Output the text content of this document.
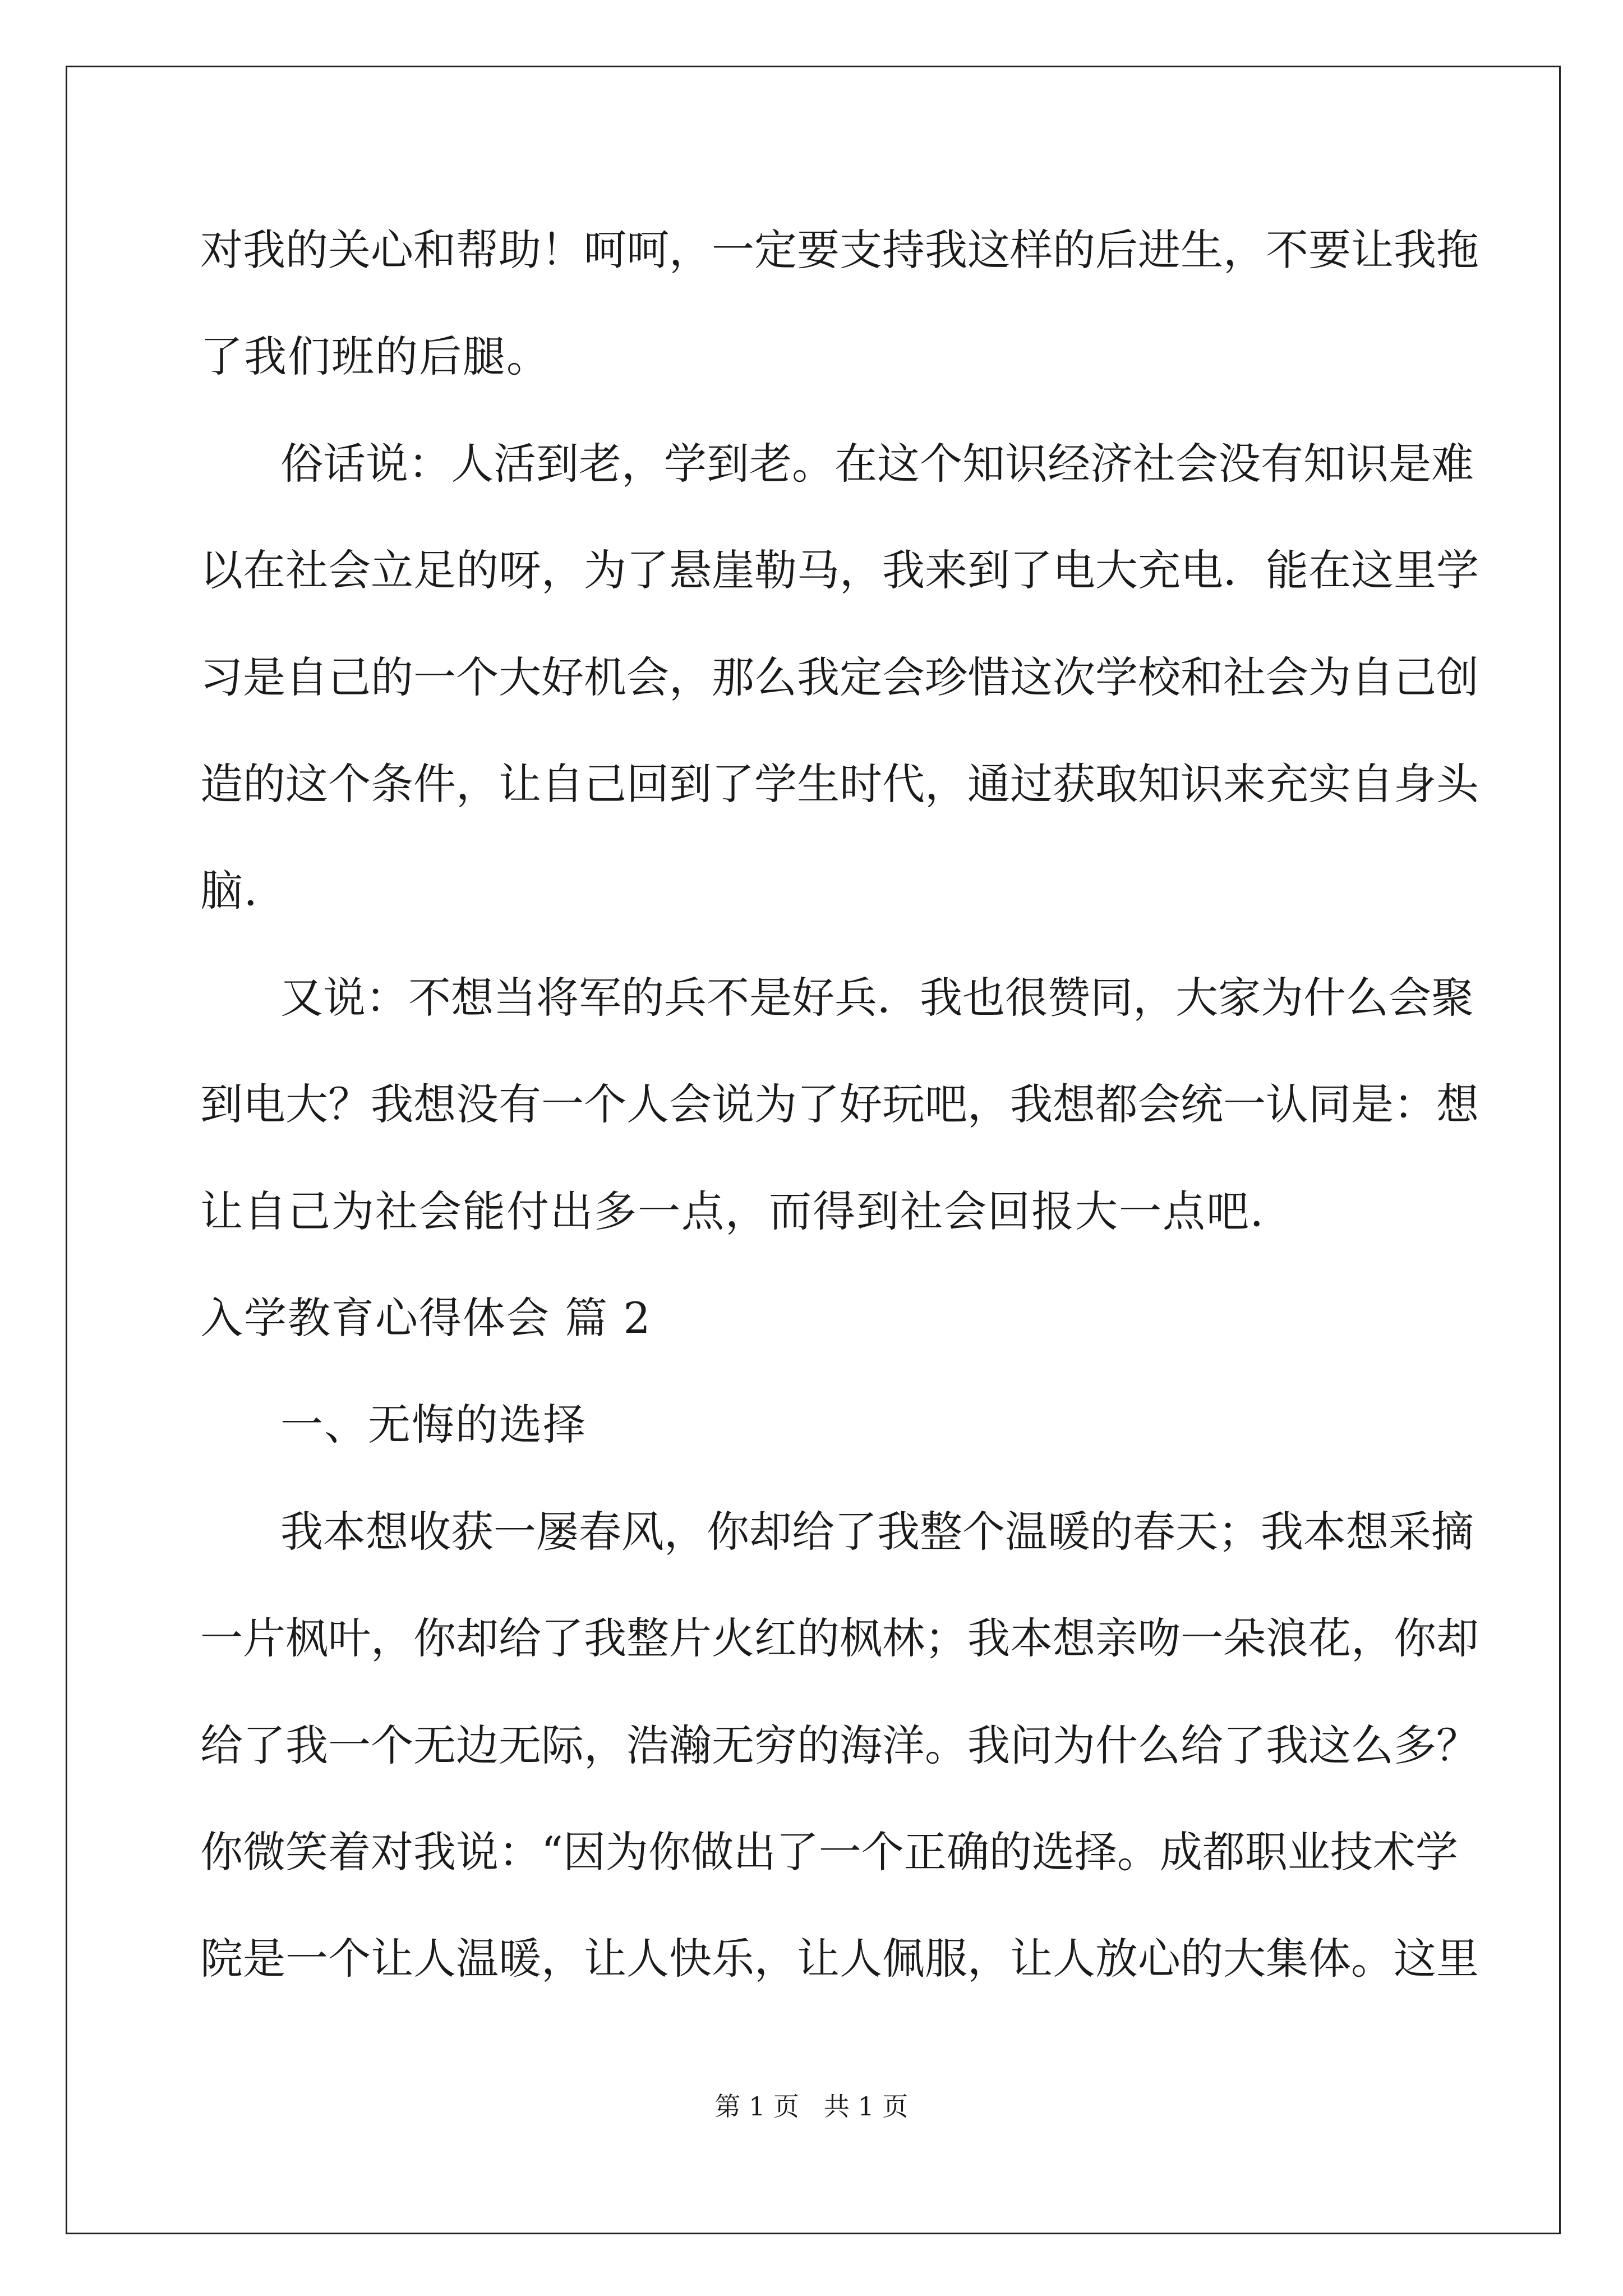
对我的关心和帮助！呵呵，一定要支持我这样的后进生，不要让我拖
了我们班的后腿。
俗话说：人活到老，学到老。在这个知识经济社会没有知识是难
以在社会立足的呀，为了悬崖勒马，我来到了电大充电．能在这里学
习是自己的一个大好机会，那么我定会珍惜这次学校和社会为自己创
造的这个条件，让自己回到了学生时代，通过获取知识来充实自身头
脑．
又说：不想当将军的兵不是好兵．我也很赞同，大家为什么会聚
到电大？我想没有一个人会说为了好玩吧，我想都会统一认同是：想
让自己为社会能付出多一点，而得到社会回报大一点吧．
入学教育心得体会 篇 2
一、无悔的选择
我本想收获一屡春风，你却给了我整个温暖的春天；我本想采摘
一片枫叶，你却给了我整片火红的枫林；我本想亲吻一朵浪花，你却
给了我一个无边无际，浩瀚无穷的海洋。我问为什么给了我这么多？
你微笑着对我说：“因为你做出了一个正确的选择。成都职业技术学
院是一个让人温暖，让人快乐，让人佩服，让人放心的大集体。这里
第 1 页   共 1 页
